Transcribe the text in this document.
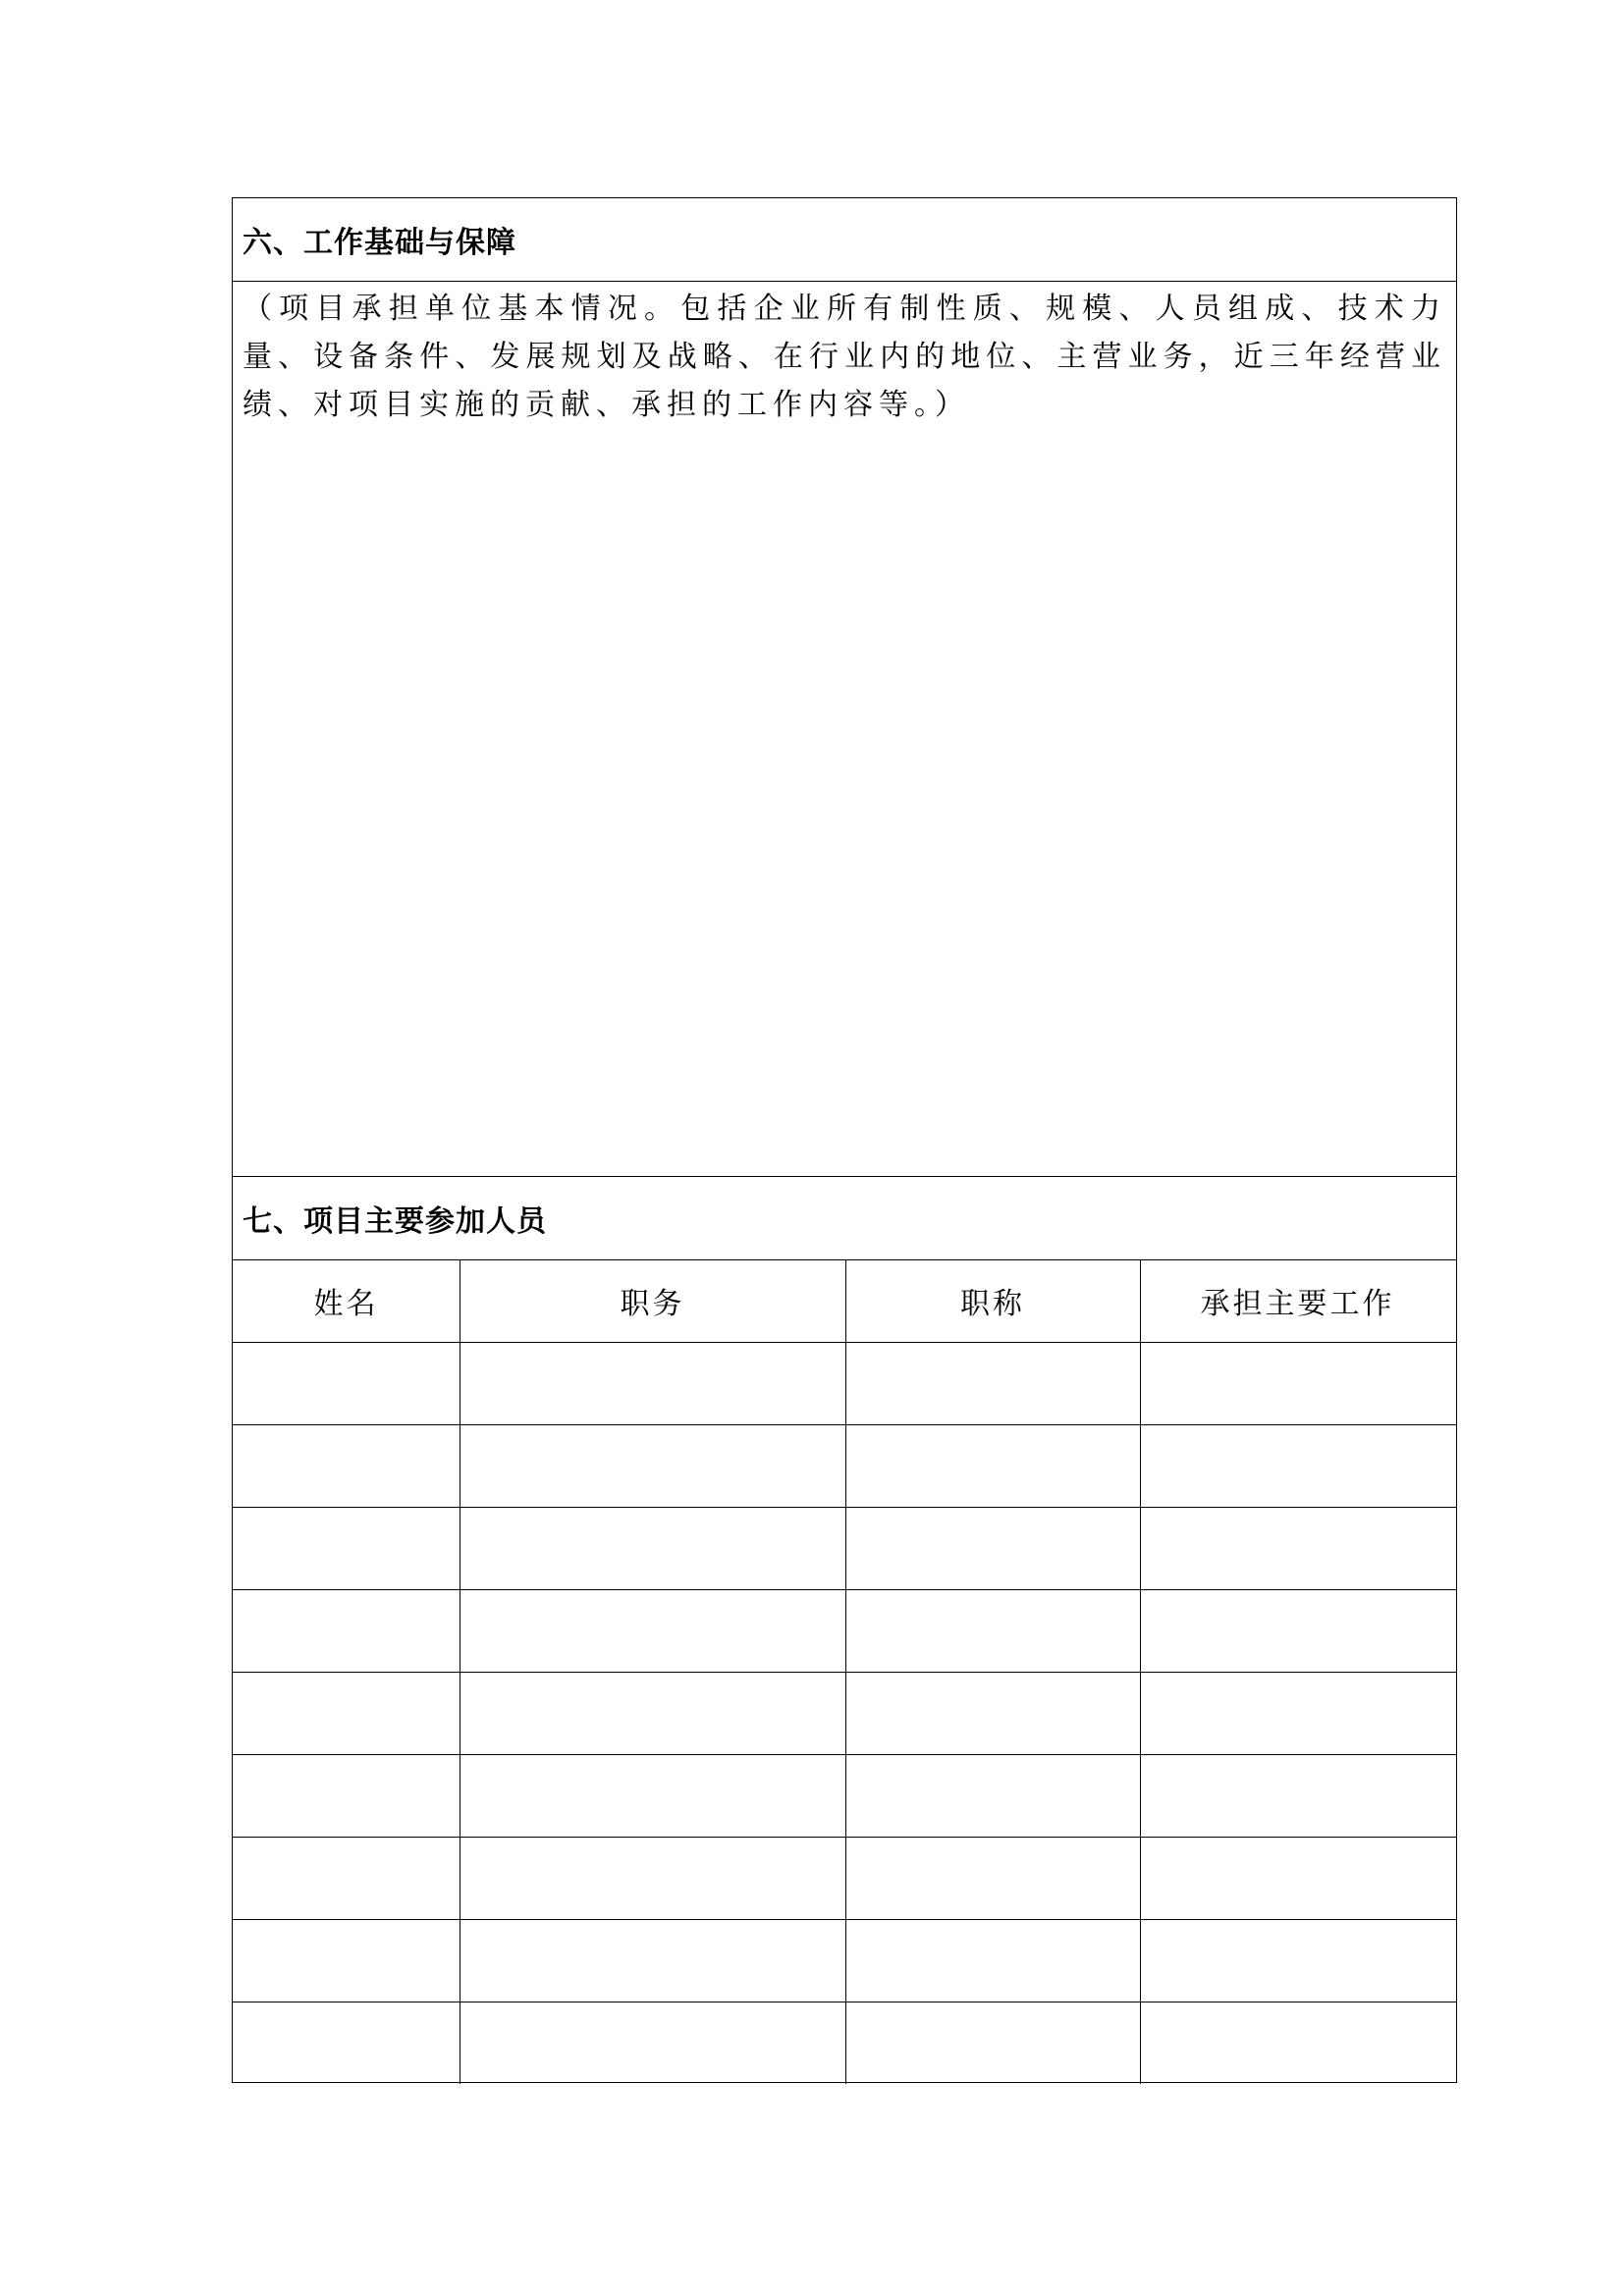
六、工作基础与保障
（项目承担单位基本情况。包括企业所有制性质、规模、人员组成、技术力量、设备条件、发展规划及战略、在行业内的地位、主营业务，近三年经营业绩、对项目实施的贡献、承担的工作内容等。）
七、项目主要参加人员
姓名	职务	职称	承担主要工作
